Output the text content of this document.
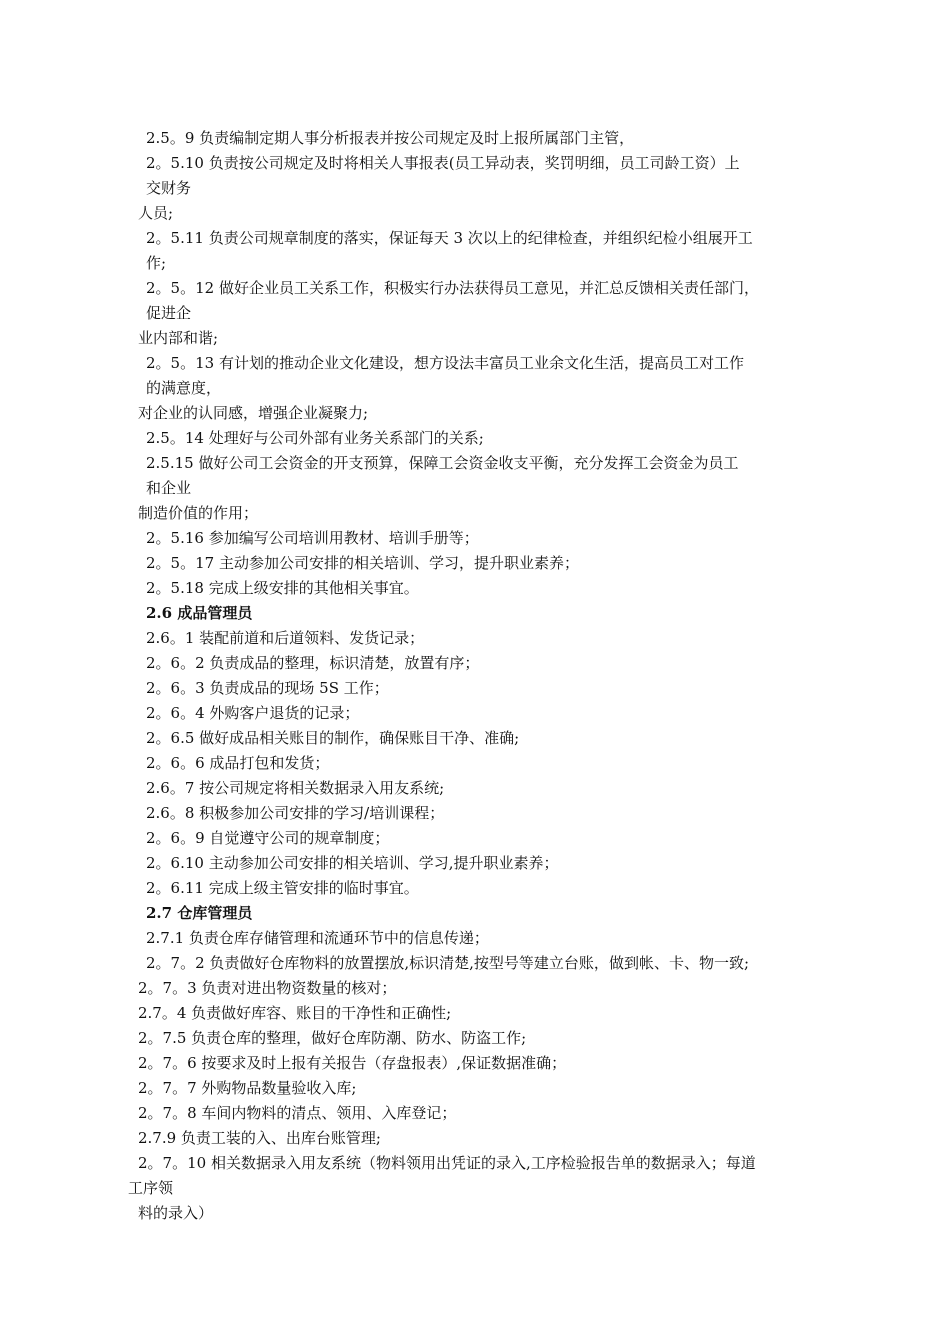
2.5。9 负责编制定期人事分析报表并按公司规定及时上报所属部门主管，
2。5.10 负责按公司规定及时将相关人事报表(员工异动表，奖罚明细，员工司龄工资）上
交财务
人员;
2。5.11 负责公司规章制度的落实，保证每天 3 次以上的纪律检查，并组织纪检小组展开工
作;
2。5。12 做好企业员工关系工作，积极实行办法获得员工意见，并汇总反馈相关责任部门，
促进企
业内部和谐;
2。5。13 有计划的推动企业文化建设，想方设法丰富员工业余文化生活，提高员工对工作
的满意度，
对企业的认同感，增强企业凝聚力;
2.5。14 处理好与公司外部有业务关系部门的关系;
2.5.15 做好公司工会资金的开支预算，保障工会资金收支平衡，充分发挥工会资金为员工
和企业
制造价值的作用；
2。5.16 参加编写公司培训用教材、培训手册等；
2。5。17 主动参加公司安排的相关培训、学习，提升职业素养；
2。5.18 完成上级安排的其他相关事宜。
2.6 成品管理员
2.6。1 装配前道和后道领料、发货记录；
2。6。2 负责成品的整理，标识清楚，放置有序；
2。6。3 负责成品的现场 5S 工作；
2。6。4 外购客户退货的记录；
2。6.5 做好成品相关账目的制作，确保账目干净、准确;
2。6。6 成品打包和发货；
2.6。7 按公司规定将相关数据录入用友系统;
2.6。8 积极参加公司安排的学习/培训课程；
2。6。9 自觉遵守公司的规章制度；
2。6.10 主动参加公司安排的相关培训、学习,提升职业素养；
2。6.11 完成上级主管安排的临时事宜。
2.7 仓库管理员
2.7.1 负责仓库存储管理和流通环节中的信息传递；
2。7。2 负责做好仓库物料的放置摆放,标识清楚,按型号等建立台账，做到帐、卡、物一致;
2。7。3 负责对进出物资数量的核对；
2.7。4 负责做好库容、账目的干净性和正确性;
2。7.5 负责仓库的整理，做好仓库防潮、防水、防盗工作;
2。7。6 按要求及时上报有关报告（存盘报表）,保证数据准确；
2。7。7 外购物品数量验收入库;
2。7。8 车间内物料的清点、领用、入库登记；
2.7.9 负责工装的入、出库台账管理;
2。7。10 相关数据录入用友系统（物料领用出凭证的录入,工序检验报告单的数据录入；每道
工序领
料的录入）
